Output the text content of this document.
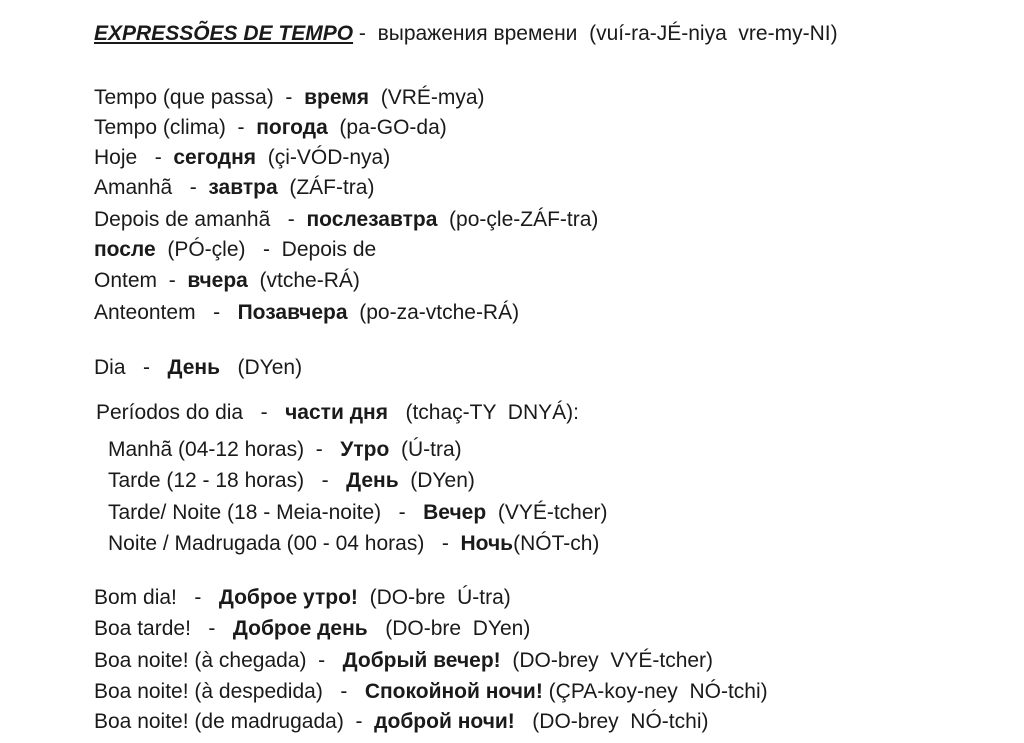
EXPRESSÕES DE TEMPO -  выражения времени  (vuí-ra-JÉ-niya  vre-my-NI)
Tempo (que passa)  -  время  (VRÉ-mya)
Tempo (clima)  -  погода  (pa-GO-da)
Hoje   -  сегодня  (çi-VÓD-nya)
Amanhã   -  завтра  (ZÁF-tra)
Depois de amanhã   -  послезавтра  (po-çle-ZÁF-tra)
после  (PÓ-çle)   -  Depois de
Ontem  -  вчера  (vtche-RÁ)
Anteontem   -   Позавчера  (po-za-vtche-RÁ)
Dia   -   День   (DYen)
Períodos do dia   -   части дня   (tchaç-TY  DNYÁ):
Manhã (04-12 horas)  -   Утро  (Ú-tra)
Tarde (12 - 18 horas)   -   День  (DYen)
Tarde/ Noite (18 - Meia-noite)   -   Вечер  (VYÉ-tcher)
Noite / Madrugada (00 - 04 horas)   -  Ночь(NÓT-ch)
Bom dia!   -   Доброе утро!  (DO-bre  Ú-tra)
Boa tarde!   -   Доброе день   (DO-bre  DYen)
Boa noite! (à chegada)  -   Добрый вечер!  (DO-brey  VYÉ-tcher)
Boa noite! (à despedida)   -   Спокойной ночи! (ÇPA-koy-ney  NÓ-tchi)
Boa noite! (de madrugada)  -  доброй ночи!   (DO-brey  NÓ-tchi)
